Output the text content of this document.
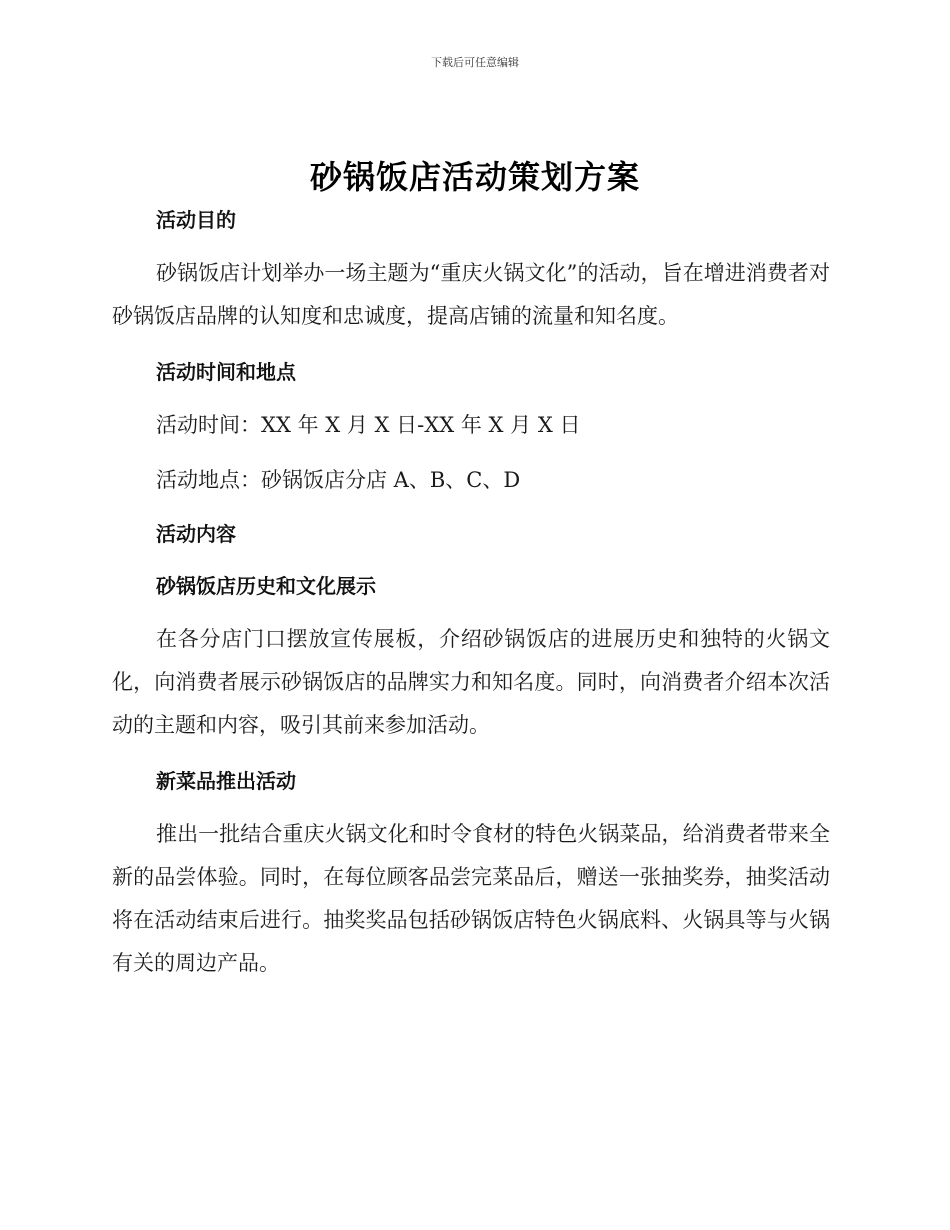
下载后可任意编辑
砂锅饭店活动策划方案
活动目的

砂锅饭店计划举办一场主题为“重庆火锅文化”的活动，旨在增进消费者对砂锅饭店品牌的认知度和忠诚度，提高店铺的流量和知名度。

活动时间和地点
活动时间：XX 年 X 月 X 日-XX 年 X 月 X 日
活动地点：砂锅饭店分店 A、B、C、D
活动内容
砂锅饭店历史和文化展示

在各分店门口摆放宣传展板，介绍砂锅饭店的进展历史和独特的火锅文化，向消费者展示砂锅饭店的品牌实力和知名度。同时，向消费者介绍本次活动的主题和内容，吸引其前来参加活动。

新菜品推出活动

推出一批结合重庆火锅文化和时令食材的特色火锅菜品，给消费者带来全新的品尝体验。同时，在每位顾客品尝完菜品后，赠送一张抽奖券，抽奖活动将在活动结束后进行。抽奖奖品包括砂锅饭店特色火锅底料、火锅具等与火锅有关的周边产品。
